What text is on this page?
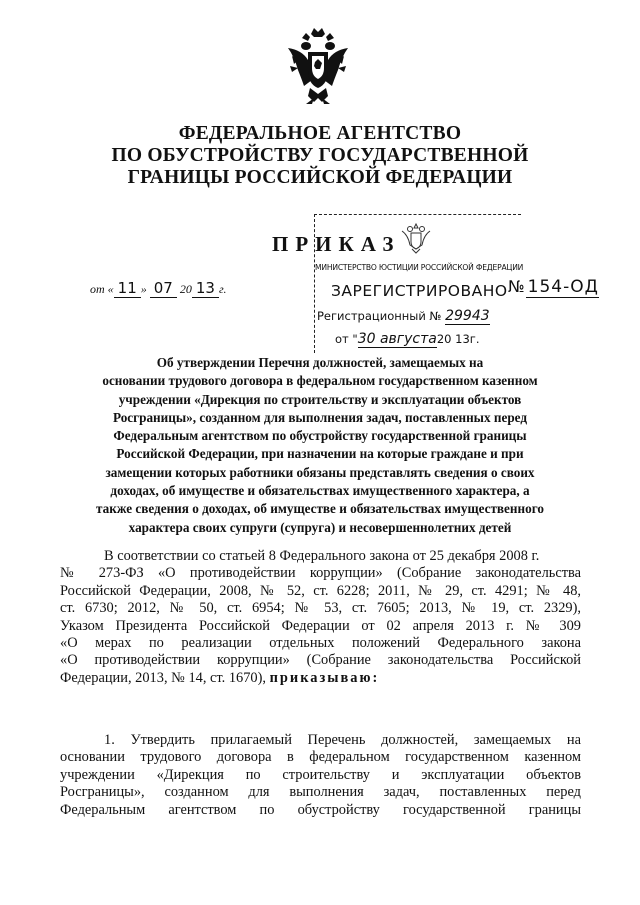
ФЕДЕРАЛЬНОЕ АГЕНТСТВО
ПО ОБУСТРОЙСТВУ ГОСУДАРСТВЕННОЙ
ГРАНИЦЫ РОССИЙСКОЙ ФЕДЕРАЦИИ
ПРИКАЗ
от « 11 » 07 20 13 г.
МИНИСТЕРСТВО ЮСТИЦИИ РОССИЙСКОЙ ФЕДЕРАЦИИ
ЗАРЕГИСТРИРОВАНО
Регистрационный № 29943
от "30 августа20 13г.
№ 154-ОД
Об утверждении Перечня должностей, замещаемых на
основании трудового договора в федеральном государственном казенном
учреждении «Дирекция по строительству и эксплуатации объектов
Росграницы», созданном для выполнения задач, поставленных перед
Федеральным агентством по обустройству государственной границы
Российской Федерации, при назначении на которые граждане и при
замещении которых работники обязаны представлять сведения о своих
доходах, об имуществе и обязательствах имущественного характера, а
также сведения о доходах, об имуществе и обязательствах имущественного
характера своих супруги (супруга) и несовершеннолетних детей
В соответствии со статьей 8 Федерального закона от 25 декабря 2008 г.
№ 273-ФЗ «О противодействии коррупции» (Собрание законодательства
Российской Федерации, 2008, № 52, ст. 6228; 2011, № 29, ст. 4291; № 48,
ст. 6730; 2012, № 50, ст. 6954; № 53, ст. 7605; 2013, № 19, ст. 2329),
Указом Президента Российской Федерации от 02 апреля 2013 г. № 309
«О мерах по реализации отдельных положений Федерального закона
«О противодействии коррупции» (Собрание законодательства Российской
Федерации, 2013, № 14, ст. 1670), приказываю:
1. Утвердить прилагаемый Перечень должностей, замещаемых на
основании трудового договора в федеральном государственном казенном
учреждении «Дирекция по строительству и эксплуатации объектов
Росграницы», созданном для выполнения задач, поставленных перед
Федеральным агентством по обустройству государственной границы
